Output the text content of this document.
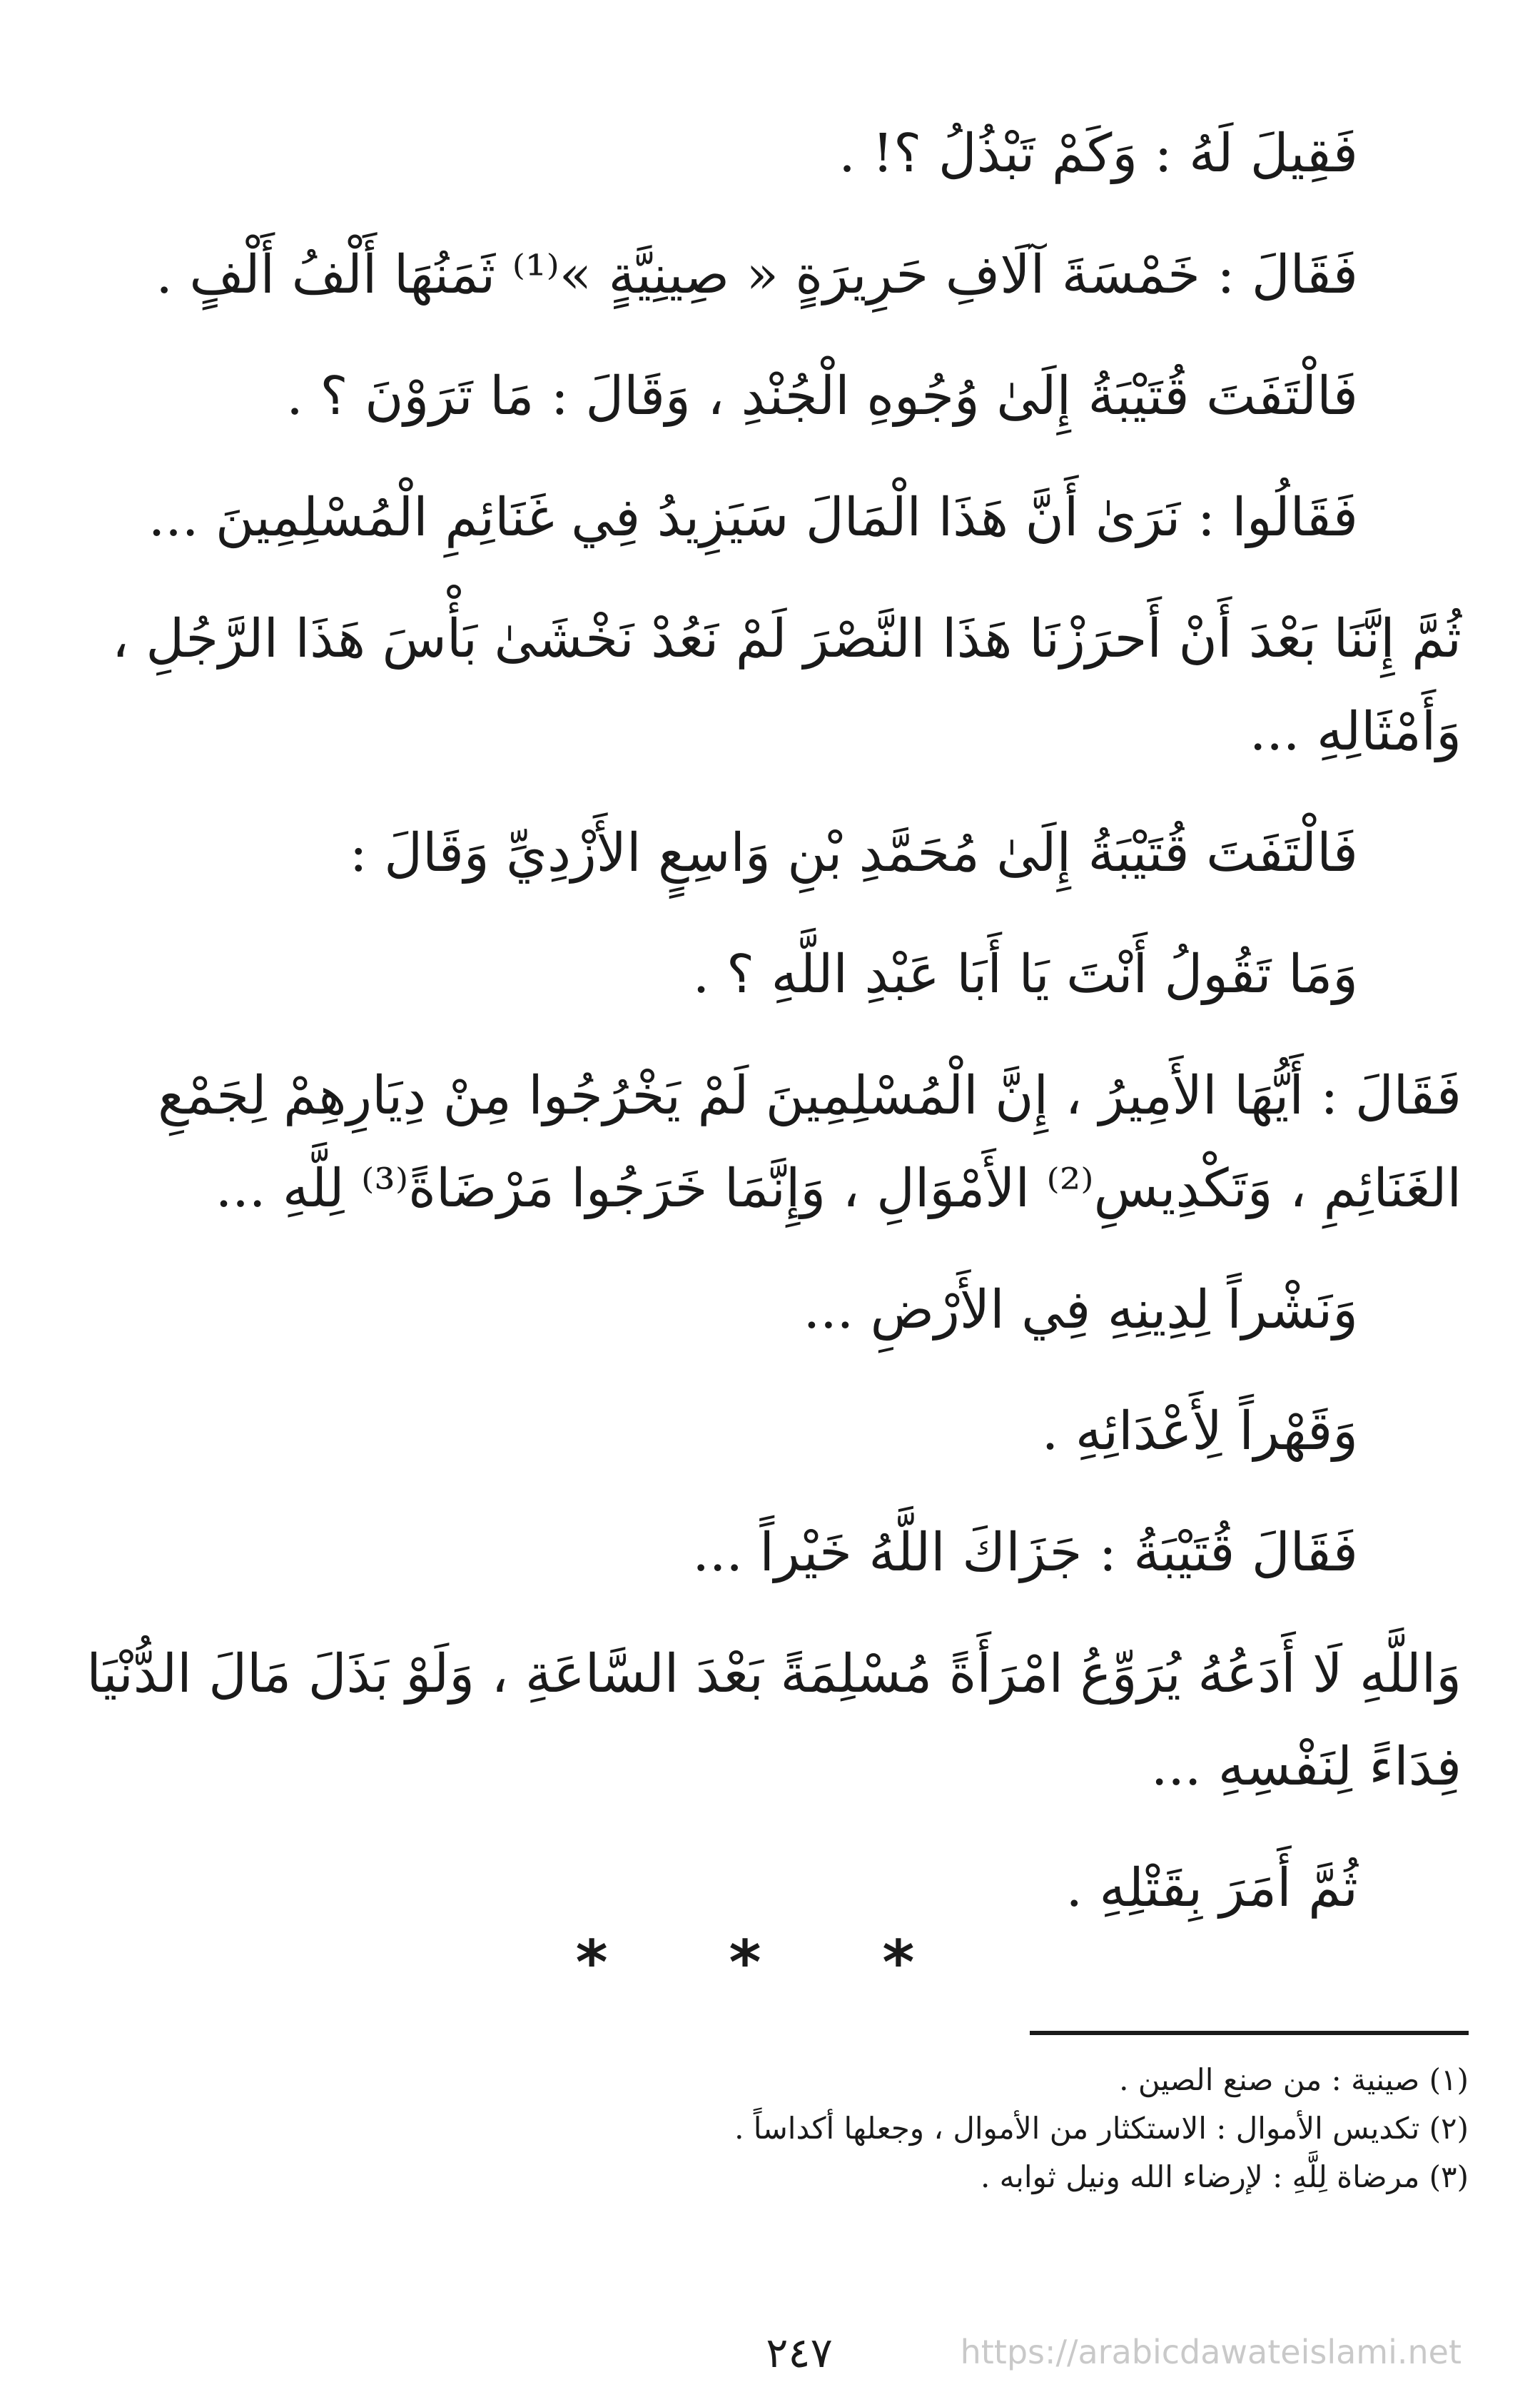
فَقِيلَ لَهُ : وَكَمْ تَبْذُلُ ؟! .

فَقَالَ : خَمْسَةَ آلَافِ حَرِيرَةٍ « صِينِيَّةٍ »⁽¹⁾ ثَمَنُهَا أَلْفُ أَلْفٍ .

فَالْتَفَتَ قُتَيْبَةُ إِلَىٰ وُجُوهِ الْجُنْدِ ، وَقَالَ : مَا تَرَوْنَ ؟ .

فَقَالُوا : نَرَىٰ أَنَّ هَذَا الْمَالَ سَيَزِيدُ فِي غَنَائِمِ الْمُسْلِمِينَ ...

ثُمَّ إِنَّنَا بَعْدَ أَنْ أَحرَزْنَا هَذَا النَّصْرَ لَمْ نَعُدْ نَخْشَىٰ بَأْسَ هَذَا الرَّجُلِ ، وَأَمْثَالِهِ ...

فَالْتَفَتَ قُتَيْبَةُ إِلَىٰ مُحَمَّدِ بْنِ وَاسِعٍ الأَزْدِيِّ وَقَالَ :

وَمَا تَقُولُ أَنْتَ يَا أَبَا عَبْدِ اللَّهِ ؟ .

فَقَالَ : أَيُّهَا الأَمِيرُ ، إِنَّ الْمُسْلِمِينَ لَمْ يَخْرُجُوا مِنْ دِيَارِهِمْ لِجَمْعِ الغَنَائِمِ ، وَتَكْدِيسِ⁽²⁾ الأَمْوَالِ ، وَإِنَّمَا خَرَجُوا مَرْضَاةً⁽³⁾ لِلَّهِ ...

وَنَشْراً لِدِينِهِ فِي الأَرْضِ ...

وَقَهْراً لِأَعْدَائِهِ .

فَقَالَ قُتَيْبَةُ : جَزَاكَ اللَّهُ خَيْراً ...

وَاللَّهِ لَا أَدَعُهُ يُرَوِّعُ امْرَأَةً مُسْلِمَةً بَعْدَ السَّاعَةِ ، وَلَوْ بَذَلَ مَالَ الدُّنْيَا فِدَاءً لِنَفْسِهِ ...

ثُمَّ أَمَرَ بِقَتْلِهِ .

* * *

(١) صينية : من صنع الصين .

(٢) تكديس الأموال : الاستكثار من الأموال ، وجعلها أكداساً .

(٣) مرضاة لِلَّهِ : لإرضاء الله ونيل ثوابه .

٢٤٧	https://arabicdawateislami.net
